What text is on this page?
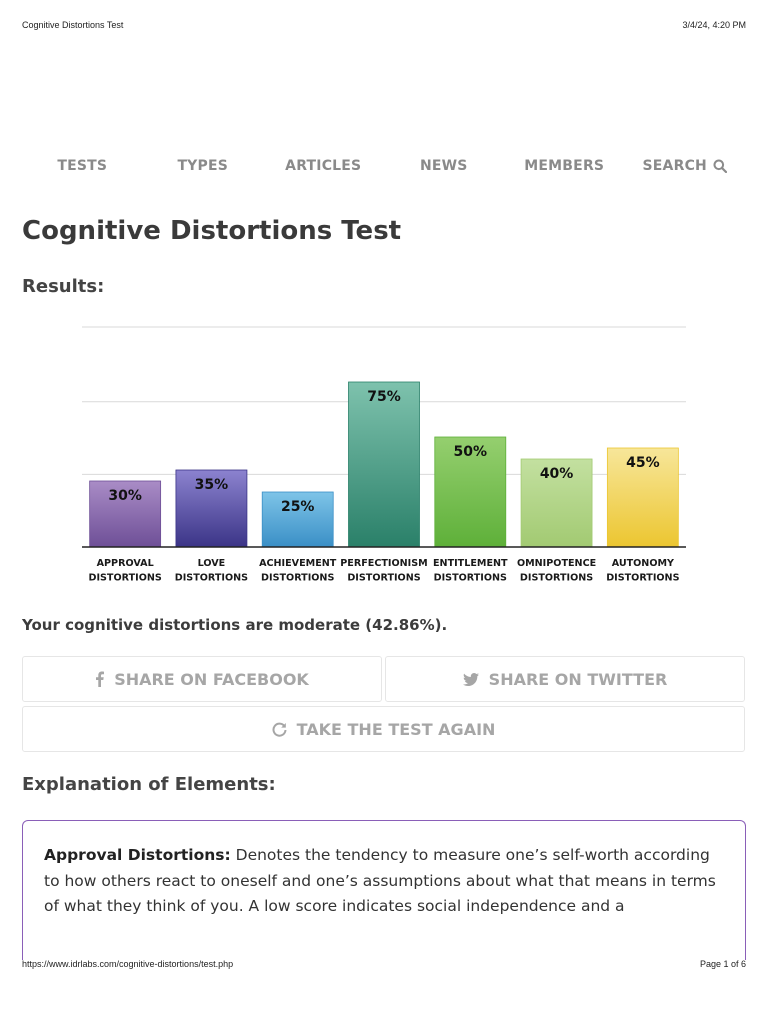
Cognitive Distortions Test	3/4/24, 4:20 PM
TESTS	TYPES	ARTICLES	NEWS	MEMBERS	SEARCH
Cognitive Distortions Test
Results:
30%
APPROVAL
DISTORTIONS
35%
LOVE
DISTORTIONS
25%
ACHIEVEMENT
DISTORTIONS
75%
PERFECTIONISM
DISTORTIONS
50%
ENTITLEMENT
DISTORTIONS
40%
OMNIPOTENCE
DISTORTIONS
45%
AUTONOMY
DISTORTIONS
Your cognitive distortions are moderate (42.86%).
SHARE ON FACEBOOK	SHARE ON TWITTER
TAKE THE TEST AGAIN
Explanation of Elements:
Approval Distortions: Denotes the tendency to measure one’s self-worth according to how others react to oneself and one’s assumptions about what that means in terms of what they think of you. A low score indicates social independence and a
https://www.idrlabs.com/cognitive-distortions/test.php	Page 1 of 6
